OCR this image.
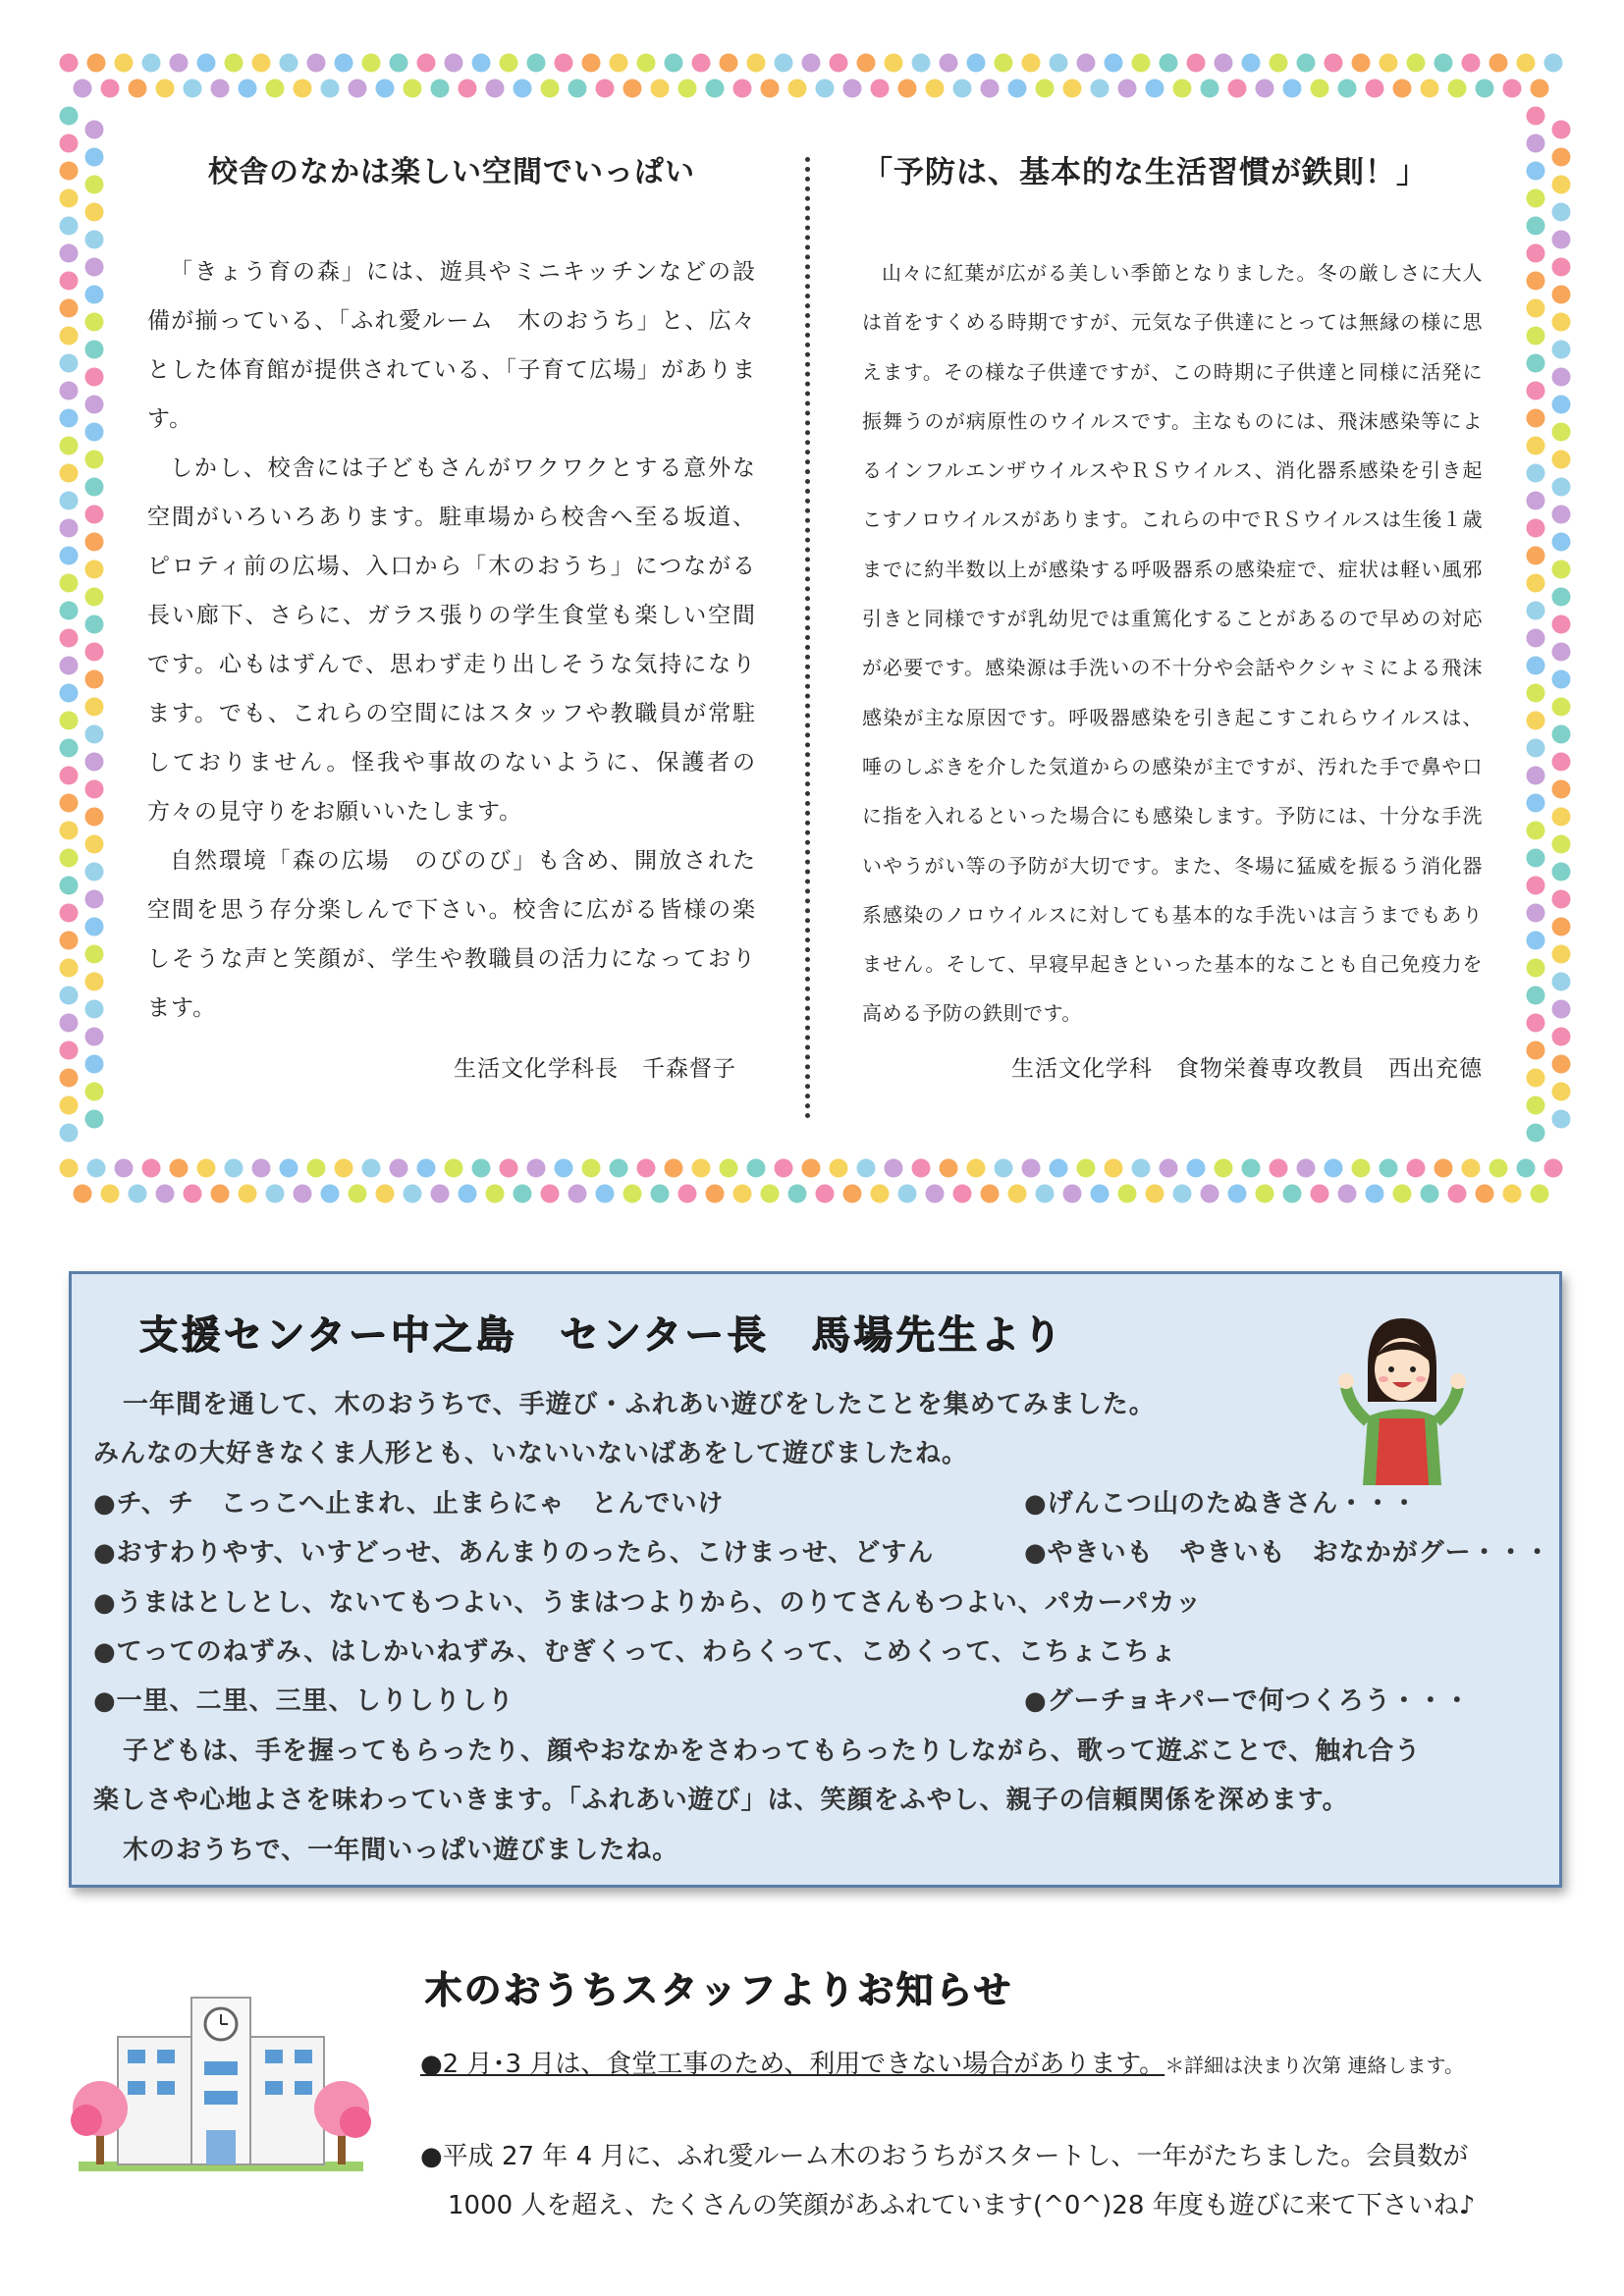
校舎のなかは楽しい空間でいっぱい

「きょう育の森」には、遊具やミニキッチンなどの設備が揃っている、「ふれ愛ルーム　木のおうち」と、広々とした体育館が提供されている、「子育て広場」があります。

しかし、校舎には子どもさんがワクワクとする意外な空間がいろいろあります。駐車場から校舎へ至る坂道、ピロティ前の広場、入口から「木のおうち」につながる長い廊下、さらに、ガラス張りの学生食堂も楽しい空間です。心もはずんで、思わず走り出しそうな気持になります。でも、これらの空間にはスタッフや教職員が常駐しておりません。怪我や事故のないように、保護者の方々の見守りをお願いいたします。

自然環境「森の広場　のびのび」も含め、開放された空間を思う存分楽しんで下さい。校舎に広がる皆様の楽しそうな声と笑顔が、学生や教職員の活力になっております。

生活文化学科長　千森督子

「予防は、基本的な生活習慣が鉄則！」

山々に紅葉が広がる美しい季節となりました。冬の厳しさに大人は首をすくめる時期ですが、元気な子供達にとっては無縁の様に思えます。その様な子供達ですが、この時期に子供達と同様に活発に振舞うのが病原性のウイルスです。主なものには、飛沫感染等によるインフルエンザウイルスやＲＳウイルス、消化器系感染を引き起こすノロウイルスがあります。これらの中でＲＳウイルスは生後１歳までに約半数以上が感染する呼吸器系の感染症で、症状は軽い風邪引きと同様ですが乳幼児では重篤化することがあるので早めの対応が必要です。感染源は手洗いの不十分や会話やクシャミによる飛沫感染が主な原因です。呼吸器感染を引き起こすこれらウイルスは、唾のしぶきを介した気道からの感染が主ですが、汚れた手で鼻や口に指を入れるといった場合にも感染します。予防には、十分な手洗いやうがい等の予防が大切です。また、冬場に猛威を振るう消化器系感染のノロウイルスに対しても基本的な手洗いは言うまでもありません。そして、早寝早起きといった基本的なことも自己免疫力を高める予防の鉄則です。

生活文化学科　食物栄養専攻教員　西出充德

支援センター中之島　センター長　馬場先生より
一年間を通して、木のおうちで、手遊び・ふれあい遊びをしたことを集めてみました。
みんなの大好きなくま人形とも、いないいないばあをして遊びましたね。
●チ、チ　こっこへ止まれ、止まらにゃ　とんでいけ	●げんこつ山のたぬきさん・・・
●おすわりやす、いすどっせ、あんまりのったら、こけまっせ、どすん	●やきいも　やきいも　おなかがグー・・・
●うまはとしとし、ないてもつよい、うまはつよりから、のりてさんもつよい、パカーパカッ
●てってのねずみ、はしかいねずみ、むぎくって、わらくって、こめくって、こちょこちょ
●一里、二里、三里、しりしりしり	●グーチョキパーで何つくろう・・・
子どもは、手を握ってもらったり、顔やおなかをさわってもらったりしながら、歌って遊ぶことで、触れ合う
楽しさや心地よさを味わっていきます。「ふれあい遊び」は、笑顔をふやし、親子の信頼関係を深めます。
木のおうちで、一年間いっぱい遊びましたね。
木のおうちスタッフよりお知らせ
●2 月･3 月は、食堂工事のため、利用できない場合があります。＊詳細は決まり次第 連絡します。
●平成 27 年 4 月に、ふれ愛ルーム木のおうちがスタートし、一年がたちました。会員数が
1000 人を超え、たくさんの笑顔があふれています(^0^)28 年度も遊びに来て下さいね♪
